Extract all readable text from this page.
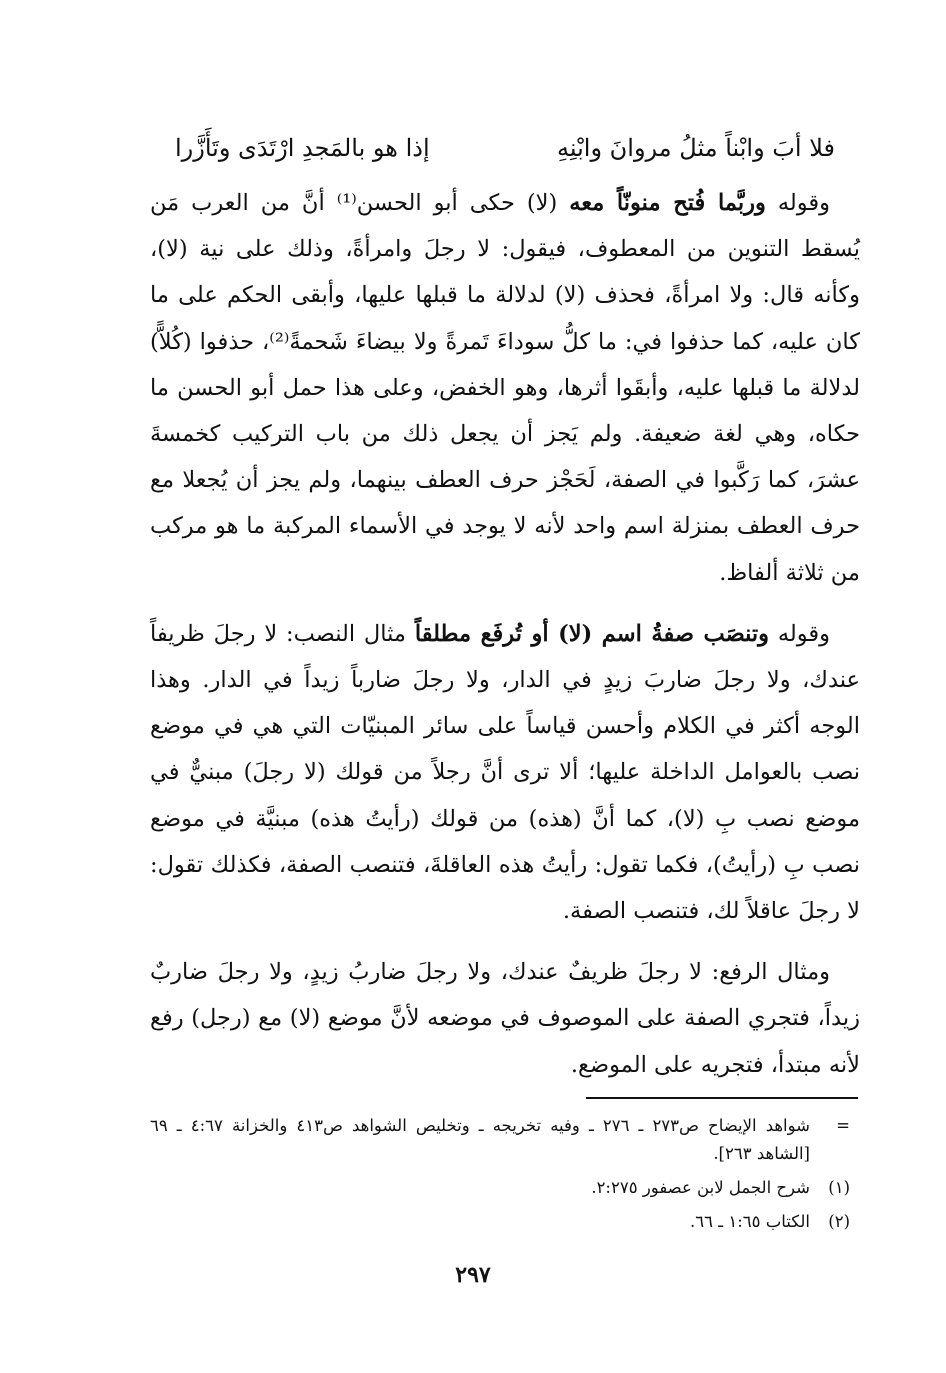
فلا أبَ وابْناً مثلُ مروانَ وابْنِهِ
إذا هو بالمَجدِ ارْتَدَى وتَأَزَّرا

وقوله وربَّما فُتح منونّاً معه (لا) حكى أبو الحسن⁽¹⁾ أنَّ من العرب مَن يُسقط التنوين من المعطوف، فيقول: لا رجلَ وامرأةً، وذلك على نية (لا)، وكأنه قال: ولا امرأةً، فحذف (لا) لدلالة ما قبلها عليها، وأبقى الحكم على ما كان عليه، كما حذفوا في: ما كلُّ سوداءَ تَمرةً ولا بيضاءَ شَحمةً⁽²⁾، حذفوا (كُلاًّ) لدلالة ما قبلها عليه، وأبقَوا أثرها، وهو الخفض، وعلى هذا حمل أبو الحسن ما حكاه، وهي لغة ضعيفة. ولم يَجز أن يجعل ذلك من باب التركيب كخمسةَ عشرَ، كما رَكَّبوا في الصفة، لَحَجْز حرف العطف بينهما، ولم يجز أن يُجعلا مع حرف العطف بمنزلة اسم واحد لأنه لا يوجد في الأسماء المركبة ما هو مركب من ثلاثة ألفاظ.

وقوله وتنصَب صفةُ اسم (لا) أو تُرفَع مطلقاً مثال النصب: لا رجلَ ظريفاً عندك، ولا رجلَ ضاربَ زيدٍ في الدار، ولا رجلَ ضارباً زيداً في الدار. وهذا الوجه أكثر في الكلام وأحسن قياساً على سائر المبنيّات التي هي في موضع نصب بالعوامل الداخلة عليها؛ ألا ترى أنَّ رجلاً من قولك (لا رجلَ) مبنيٌّ في موضع نصب بِ (لا)، كما أنَّ (هذه) من قولك (رأيتُ هذه) مبنيَّة في موضع نصب بِ (رأيتُ)، فكما تقول: رأيتُ هذه العاقلةَ، فتنصب الصفة، فكذلك تقول: لا رجلَ عاقلاً لك، فتنصب الصفة.

ومثال الرفع: لا رجلَ ظريفٌ عندك، ولا رجلَ ضاربُ زيدٍ، ولا رجلَ ضاربٌ زيداً، فتجري الصفة على الموصوف في موضعه لأنَّ موضع (لا) مع (رجل) رفع لأنه مبتدأ، فتجريه على الموضع.

=
شواهد الإيضاح ص٢٧٣ ـ ٢٧٦ ـ وفيه تخريجه ـ وتخليص الشواهد ص٤١٣ والخزانة ٤:٦٧ ـ ٦٩ [الشاهد ٢٦٣].
(١)
شرح الجمل لابن عصفور ٢:٢٧٥.
(٢)
الكتاب ١:٦٥ ـ ٦٦.
٢٩٧
